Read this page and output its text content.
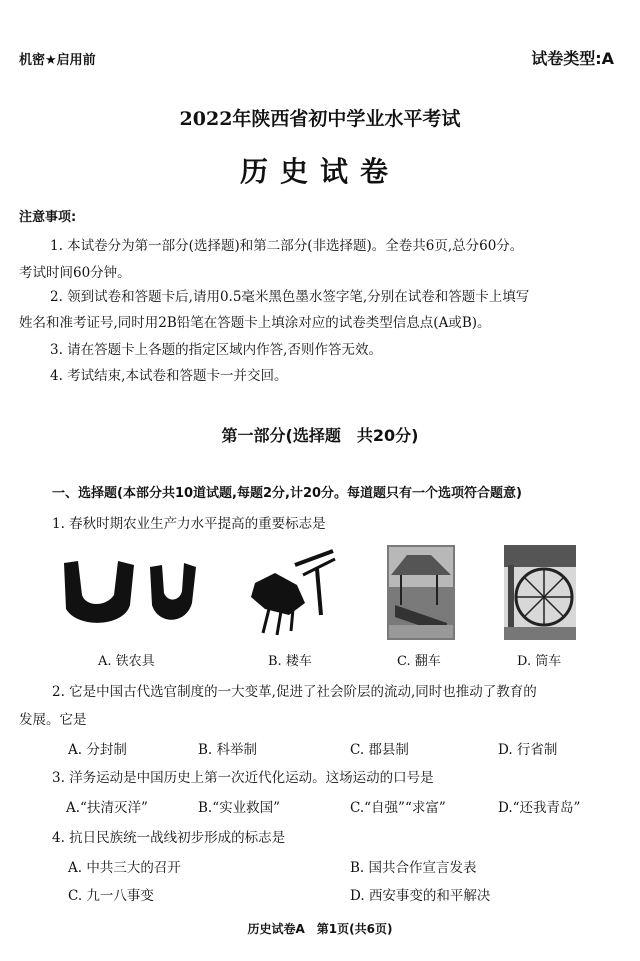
机密★启用前	试卷类型:A
2022年陕西省初中学业水平考试
历史试卷
注意事项:
1. 本试卷分为第一部分(选择题)和第二部分(非选择题)。全卷共6页,总分60分。
考试时间60分钟。
2. 领到试卷和答题卡后,请用0.5毫米黑色墨水签字笔,分别在试卷和答题卡上填写
姓名和准考证号,同时用2B铅笔在答题卡上填涂对应的试卷类型信息点(A或B)。
3. 请在答题卡上各题的指定区域内作答,否则作答无效。
4. 考试结束,本试卷和答题卡一并交回。
第一部分(选择题　共20分)
一、选择题(本部分共10道试题,每题2分,计20分。每道题只有一个选项符合题意)
1. 春秋时期农业生产力水平提高的重要标志是
A. 铁农具	B. 耧车	C. 翻车	D. 筒车
2. 它是中国古代选官制度的一大变革,促进了社会阶层的流动,同时也推动了教育的
发展。它是
A. 分封制	B. 科举制	C. 郡县制	D. 行省制
3. 洋务运动是中国历史上第一次近代化运动。这场运动的口号是
A.“扶清灭洋”	B.“实业救国”	C.“自强”“求富”	D.“还我青岛”
4. 抗日民族统一战线初步形成的标志是
A. 中共三大的召开	B. 国共合作宣言发表
C. 九一八事变	D. 西安事变的和平解决
历史试卷A　第1页(共6页)
